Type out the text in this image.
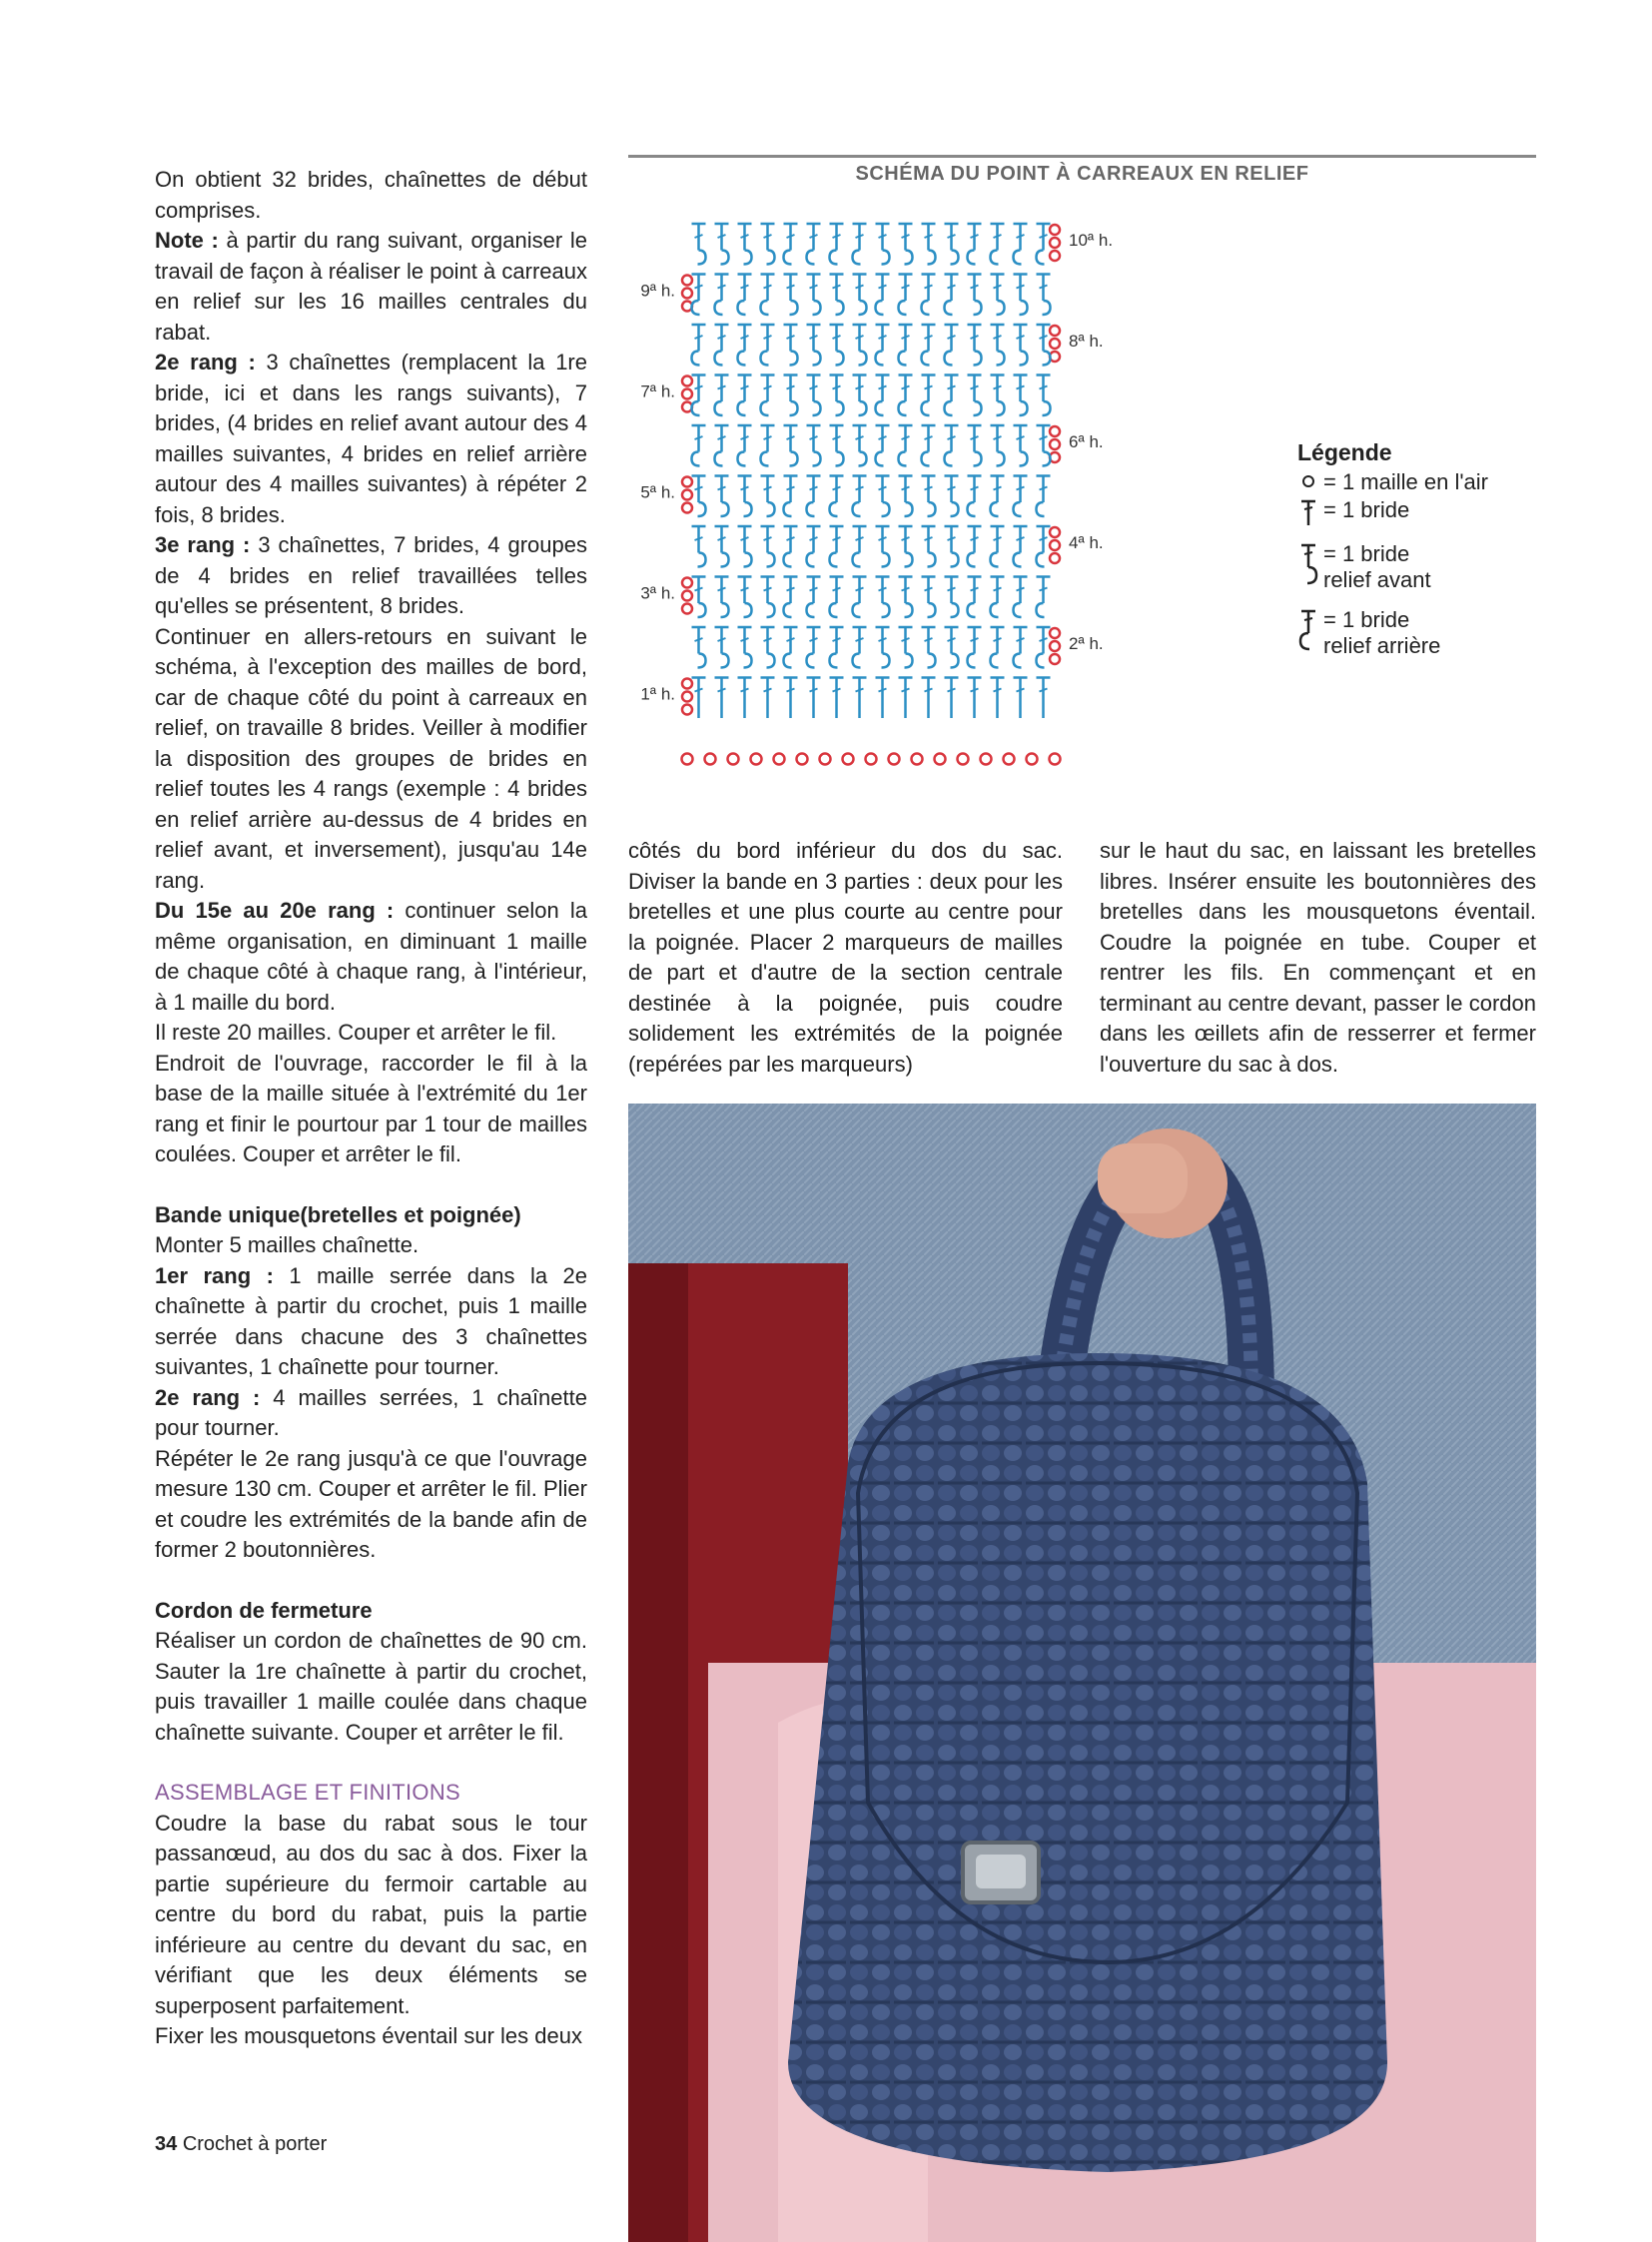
On obtient 32 brides, chaînettes de début comprises.

Note : à partir du rang suivant, organiser le travail de façon à réaliser le point à carreaux en relief sur les 16 mailles centrales du rabat.

2e rang : 3 chaînettes (remplacent la 1re bride, ici et dans les rangs suivants), 7 brides, (4 brides en relief avant autour des 4 mailles suivantes, 4 brides en relief arrière autour des 4 mailles suivantes) à répéter 2 fois, 8 brides.

3e rang : 3 chaînettes, 7 brides, 4 groupes de 4 brides en relief travaillées telles qu'elles se présentent, 8 brides.

Continuer en allers-retours en suivant le schéma, à l'exception des mailles de bord, car de chaque côté du point à carreaux en relief, on travaille 8 brides. Veiller à modifier la disposition des groupes de brides en relief toutes les 4 rangs (exemple : 4 brides en relief arrière au-dessus de 4 brides en relief avant, et inversement), jusqu'au 14e rang.

Du 15e au 20e rang : continuer selon la même organisation, en diminuant 1 maille de chaque côté à chaque rang, à l'intérieur, à 1 maille du bord.

Il reste 20 mailles. Couper et arrêter le fil.

Endroit de l'ouvrage, raccorder le fil à la base de la maille située à l'extrémité du 1er rang et finir le pourtour par 1 tour de mailles coulées. Couper et arrêter le fil.

Bande unique(bretelles et poignée)

Monter 5 mailles chaînette.

1er rang : 1 maille serrée dans la 2e chaînette à partir du crochet, puis 1 maille serrée dans chacune des 3 chaînettes suivantes, 1 chaînette pour tourner.

2e rang : 4 mailles serrées, 1 chaînette pour tourner.

Répéter le 2e rang jusqu'à ce que l'ouvrage mesure 130 cm. Couper et arrêter le fil. Plier et coudre les extrémités de la bande afin de former 2 boutonnières.

Cordon de fermeture

Réaliser un cordon de chaînettes de 90 cm. Sauter la 1re chaînette à partir du crochet, puis travailler 1 maille coulée dans chaque chaînette suivante. Couper et arrêter le fil.

ASSEMBLAGE ET FINITIONS

Coudre la base du rabat sous le tour passanœud, au dos du sac à dos. Fixer la partie supérieure du fermoir cartable au centre du bord du rabat, puis la partie inférieure au centre du devant du sac, en vérifiant que les deux éléments se superposent parfaitement.

Fixer les mousquetons éventail sur les deux

SCHÉMA DU POINT À CARREAUX EN RELIEF
10ª h.
8ª h.
6ª h.
4ª h.
2ª h.
9ª h.
7ª h.
5ª h.
3ª h.
1ª h.
Légende
= 1 maille en l'air
= 1 bride
= 1 bride
relief avant
= 1 bride
relief arrière

côtés du bord inférieur du dos du sac. Diviser la bande en 3 parties : deux pour les bretelles et une plus courte au centre pour la poignée. Placer 2 marqueurs de mailles de part et d'autre de la section centrale destinée à la poignée, puis coudre solidement les extrémités de la poignée (repérées par les marqueurs)

sur le haut du sac, en laissant les bretelles libres. Insérer ensuite les boutonnières des bretelles dans les mousquetons éventail. Coudre la poignée en tube. Couper et rentrer les fils. En commençant et en terminant au centre devant, passer le cordon dans les œillets afin de resserrer et fermer l'ouverture du sac à dos.

34 Crochet à porter
